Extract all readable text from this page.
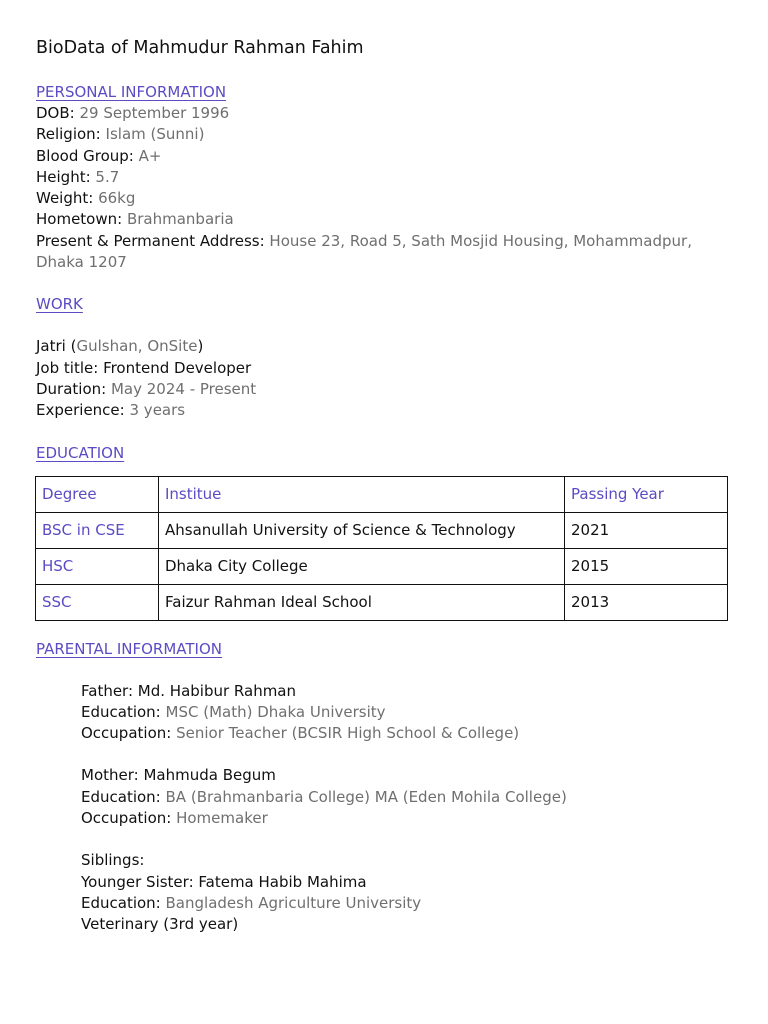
BioData of Mahmudur Rahman Fahim
PERSONAL INFORMATION
DOB: 29 September 1996
Religion: Islam (Sunni)
Blood Group: A+
Height: 5.7
Weight: 66kg
Hometown: Brahmanbaria
Present & Permanent Address: House 23, Road 5, Sath Mosjid Housing, Mohammadpur, Dhaka 1207
WORK
Jatri (Gulshan, OnSite)
Job title: Frontend Developer
Duration: May 2024 - Present
Experience: 3 years
EDUCATION
Degree	Institue	Passing Year
BSC in CSE	Ahsanullah University of Science & Technology	2021
HSC	Dhaka City College	2015
SSC	Faizur Rahman Ideal School	2013
PARENTAL INFORMATION
Father: Md. Habibur Rahman
Education: MSC (Math) Dhaka University
Occupation: Senior Teacher (BCSIR High School & College)
Mother: Mahmuda Begum
Education: BA (Brahmanbaria College) MA (Eden Mohila College)
Occupation: Homemaker
Siblings:
Younger Sister: Fatema Habib Mahima
Education: Bangladesh Agriculture University
Veterinary (3rd year)
